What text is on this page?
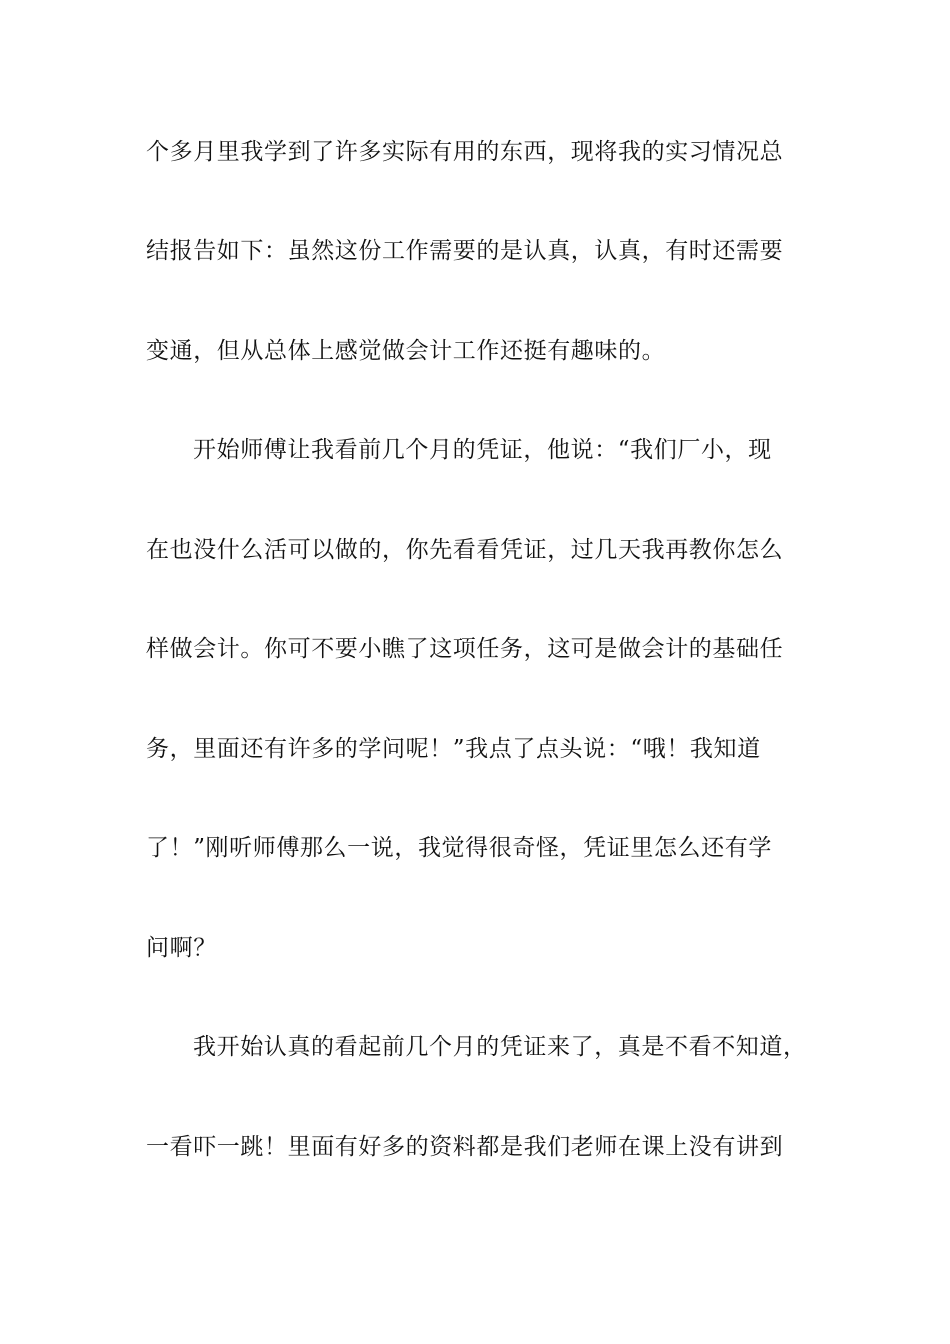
个多月里我学到了许多实际有用的东西，现将我的实习情况总

结报告如下：虽然这份工作需要的是认真，认真，有时还需要

变通，但从总体上感觉做会计工作还挺有趣味的。

开始师傅让我看前几个月的凭证，他说：“我们厂小，现

在也没什么活可以做的，你先看看凭证，过几天我再教你怎么

样做会计。你可不要小瞧了这项任务，这可是做会计的基础任

务，里面还有许多的学问呢！”我点了点头说：“哦！我知道

了！”刚听师傅那么一说，我觉得很奇怪，凭证里怎么还有学

问啊？

我开始认真的看起前几个月的凭证来了，真是不看不知道，

一看吓一跳！里面有好多的资料都是我们老师在课上没有讲到
